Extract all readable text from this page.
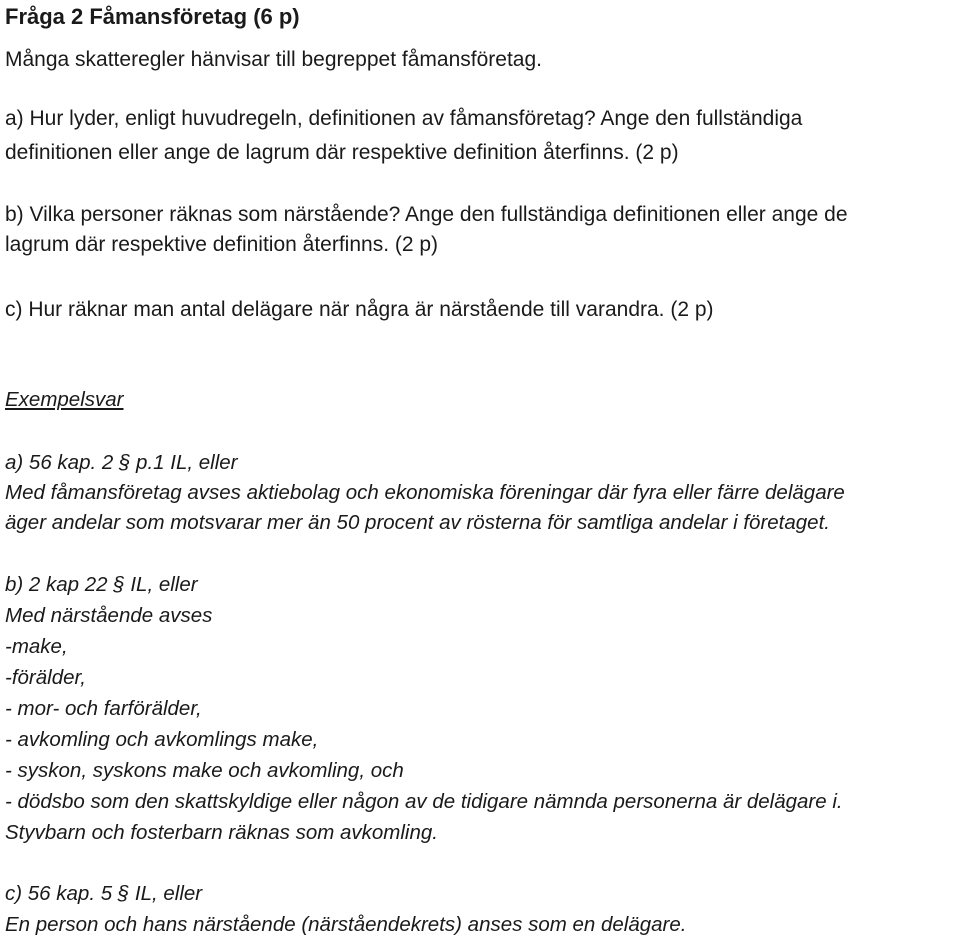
Fråga 2 Fåmansföretag (6 p)
Många skatteregler hänvisar till begreppet fåmansföretag.
a) Hur lyder, enligt huvudregeln, definitionen av fåmansföretag? Ange den fullständiga
definitionen eller ange de lagrum där respektive definition återfinns. (2 p)
b) Vilka personer räknas som närstående? Ange den fullständiga definitionen eller ange de
lagrum där respektive definition återfinns. (2 p)
c) Hur räknar man antal delägare när några är närstående till varandra. (2 p)
Exempelsvar
a) 56 kap. 2 § p.1 IL, eller
Med fåmansföretag avses aktiebolag och ekonomiska föreningar där fyra eller färre delägare
äger andelar som motsvarar mer än 50 procent av rösterna för samtliga andelar i företaget.
b) 2 kap 22 § IL, eller
Med närstående avses
-make,
-förälder,
- mor- och farförälder,
- avkomling och avkomlings make,
- syskon, syskons make och avkomling, och
- dödsbo som den skattskyldige eller någon av de tidigare nämnda personerna är delägare i.
Styvbarn och fosterbarn räknas som avkomling.
c) 56 kap. 5 § IL, eller
En person och hans närstående (närståendekrets) anses som en delägare.
